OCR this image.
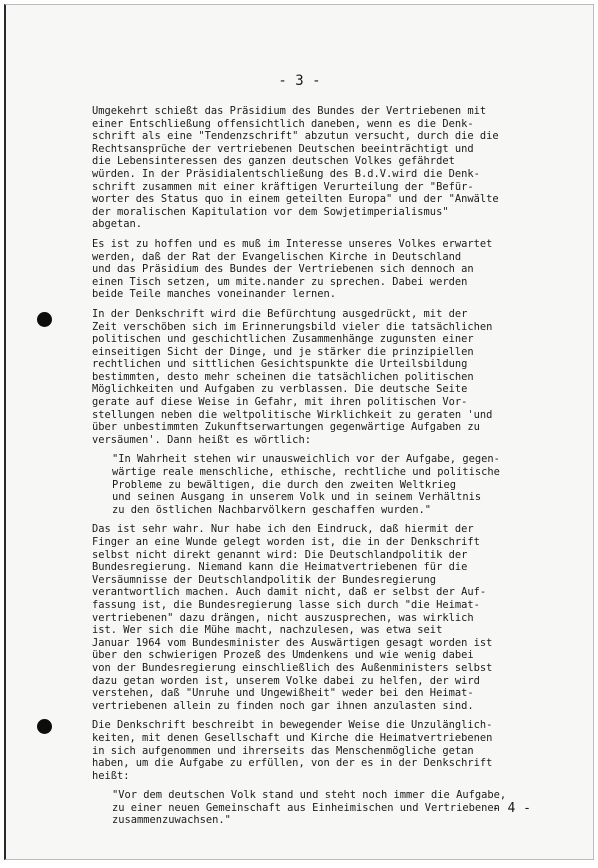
- 3 -
Umgekehrt schießt das Präsidium des Bundes der Vertriebenen mit
einer Entschließung offensichtlich daneben, wenn es die Denk-
schrift als eine "Tendenzschrift" abzutun versucht, durch die die
Rechtsansprüche der vertriebenen Deutschen beeinträchtigt und
die Lebensinteressen des ganzen deutschen Volkes gefährdet
würden. In der Präsidialentschließung des B.d.V.wird die Denk-
schrift zusammen mit einer kräftigen Verurteilung der "Befür-
worter des Status quo in einem geteilten Europa" und der "Anwälte
der moralischen Kapitulation vor dem Sowjetimperialismus"
abgetan.
Es ist zu hoffen und es muß im Interesse unseres Volkes erwartet
werden, daß der Rat der Evangelischen Kirche in Deutschland
und das Präsidium des Bundes der Vertriebenen sich dennoch an
einen Tisch setzen, um mite.nander zu sprechen. Dabei werden
beide Teile manches voneinander lernen.
In der Denkschrift wird die Befürchtung ausgedrückt, mit der
Zeit verschöben sich im Erinnerungsbild vieler die tatsächlichen
politischen und geschichtlichen Zusammenhänge zugunsten einer
einseitigen Sicht der Dinge, und je stärker die prinzipiellen
rechtlichen und sittlichen Gesichtspunkte die Urteilsbildung
bestimmten, desto mehr scheinen die tatsächlichen politischen
Möglichkeiten und Aufgaben zu verblassen. Die deutsche Seite
gerate auf diese Weise in Gefahr, mit ihren politischen Vor-
stellungen neben die weltpolitische Wirklichkeit zu geraten 'und
über unbestimmten Zukunftserwartungen gegenwärtige Aufgaben zu
versäumen'. Dann heißt es wörtlich:
"In Wahrheit stehen wir unausweichlich vor der Aufgabe, gegen-
wärtige reale menschliche, ethische, rechtliche und politische
Probleme zu bewältigen, die durch den zweiten Weltkrieg
und seinen Ausgang in unserem Volk und in seinem Verhältnis
zu den östlichen Nachbarvölkern geschaffen wurden."
Das ist sehr wahr. Nur habe ich den Eindruck, daß hiermit der
Finger an eine Wunde gelegt worden ist, die in der Denkschrift
selbst nicht direkt genannt wird: Die Deutschlandpolitik der
Bundesregierung. Niemand kann die Heimatvertriebenen für die
Versäumnisse der Deutschlandpolitik der Bundesregierung
verantwortlich machen. Auch damit nicht, daß er selbst der Auf-
fassung ist, die Bundesregierung lasse sich durch "die Heimat-
vertriebenen" dazu drängen, nicht auszusprechen, was wirklich
ist. Wer sich die Mühe macht, nachzulesen, was etwa seit
Januar 1964 vom Bundesminister des Auswärtigen gesagt worden ist
über den schwierigen Prozeß des Umdenkens und wie wenig dabei
von der Bundesregierung einschließlich des Außenministers selbst
dazu getan worden ist, unserem Volke dabei zu helfen, der wird
verstehen, daß "Unruhe und Ungewißheit" weder bei den Heimat-
vertriebenen allein zu finden noch gar ihnen anzulasten sind.
Die Denkschrift beschreibt in bewegender Weise die Unzulänglich-
keiten, mit denen Gesellschaft und Kirche die Heimatvertriebenen
in sich aufgenommen und ihrerseits das Menschenmögliche getan
haben, um die Aufgabe zu erfüllen, von der es in der Denkschrift
heißt:
"Vor dem deutschen Volk stand und steht noch immer die Aufgabe,
zu einer neuen Gemeinschaft aus Einheimischen und Vertriebenen
zusammenzuwachsen."
- 4 -
